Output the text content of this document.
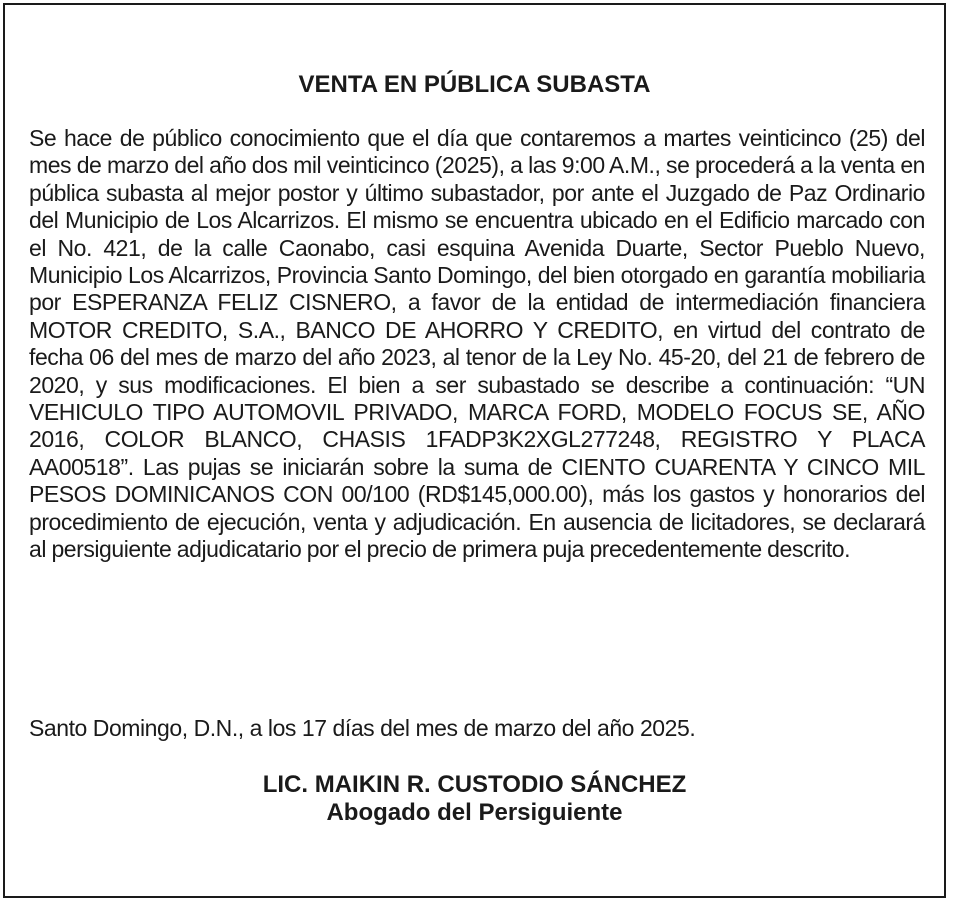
VENTA EN PÚBLICA SUBASTA

Se hace de público conocimiento que el día que contaremos a martes veinticinco (25) del mes de marzo del año dos mil veinticinco (2025), a las 9:00 A.M., se procederá a la venta en pública subasta al mejor postor y último subastador, por ante el Juzgado de Paz Ordinario del Municipio de Los Alcarrizos. El mismo se encuentra ubicado en el Edificio marcado con el No. 421, de la calle Caonabo, casi esquina Avenida Duarte, Sector Pueblo Nuevo, Municipio Los Alcarrizos, Provincia Santo Domingo, del bien otorgado en garantía mobiliaria por ESPERANZA FELIZ CISNERO, a favor de la entidad de intermediación financiera MOTOR CREDITO, S.A., BANCO DE AHORRO Y CREDITO, en virtud del contrato de fecha 06 del mes de marzo del año 2023, al tenor de la Ley No. 45-20, del 21 de febrero de 2020, y sus modificaciones. El bien a ser subastado se describe a continuación: “UN VEHICULO TIPO AUTOMOVIL PRIVADO, MARCA FORD, MODELO FOCUS SE, AÑO 2016, COLOR BLANCO, CHASIS 1FADP3K2XGL277248, REGISTRO Y PLACA AA00518”. Las pujas se iniciarán sobre la suma de CIENTO CUARENTA Y CINCO MIL PESOS DOMINICANOS CON 00/100 (RD$145,000.00), más los gastos y honorarios del procedimiento de ejecución, venta y adjudicación. En ausencia de licitadores, se declarará al persiguiente adjudicatario por el precio de primera puja precedentemente descrito.

Santo Domingo, D.N., a los 17 días del mes de marzo del año 2025.

LIC. MAIKIN R. CUSTODIO SÁNCHEZ
Abogado del Persiguiente
